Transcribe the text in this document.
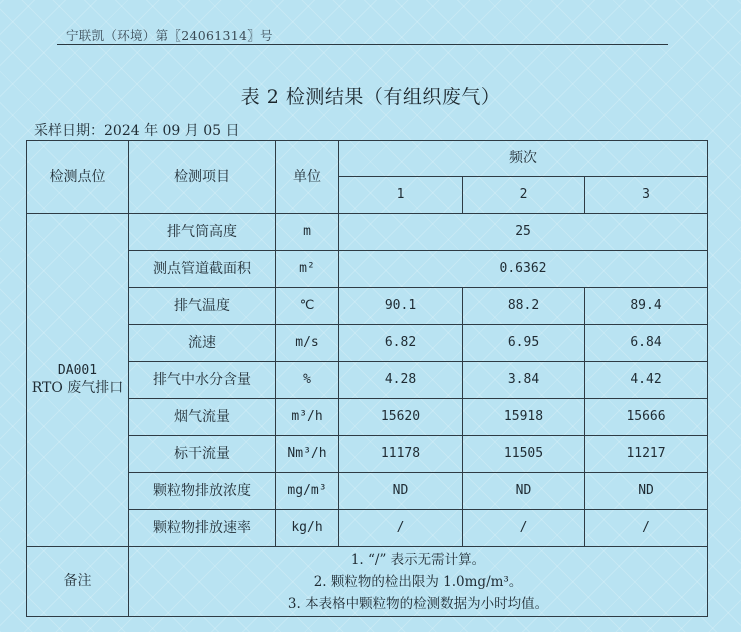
宁联凯（环境）第〖24061314〗号
表 2 检测结果（有组织废气）
采样日期：2024 年 09 月 05 日
检测点位	检测项目	单位	频次		
			1	2	3

DA001
RTO 废气排口	排气筒高度	m	25		
	测点管道截面积	m²	0.6362		
	排气温度	℃	90.1	88.2	89.4
	流速	m/s	6.82	6.95	6.84
	排气中水分含量	%	4.28	3.84	4.42
	烟气流量	m³/h	15620	15918	15666
	标干流量	Nm³/h	11178	11505	11217
	颗粒物排放浓度	mg/m³	ND	ND	ND
	颗粒物排放速率	kg/h	/	/	/
备注	1. “/” 表示无需计算。
2. 颗粒物的检出限为 1.0mg/m³。
3. 本表格中颗粒物的检测数据为小时均值。				
